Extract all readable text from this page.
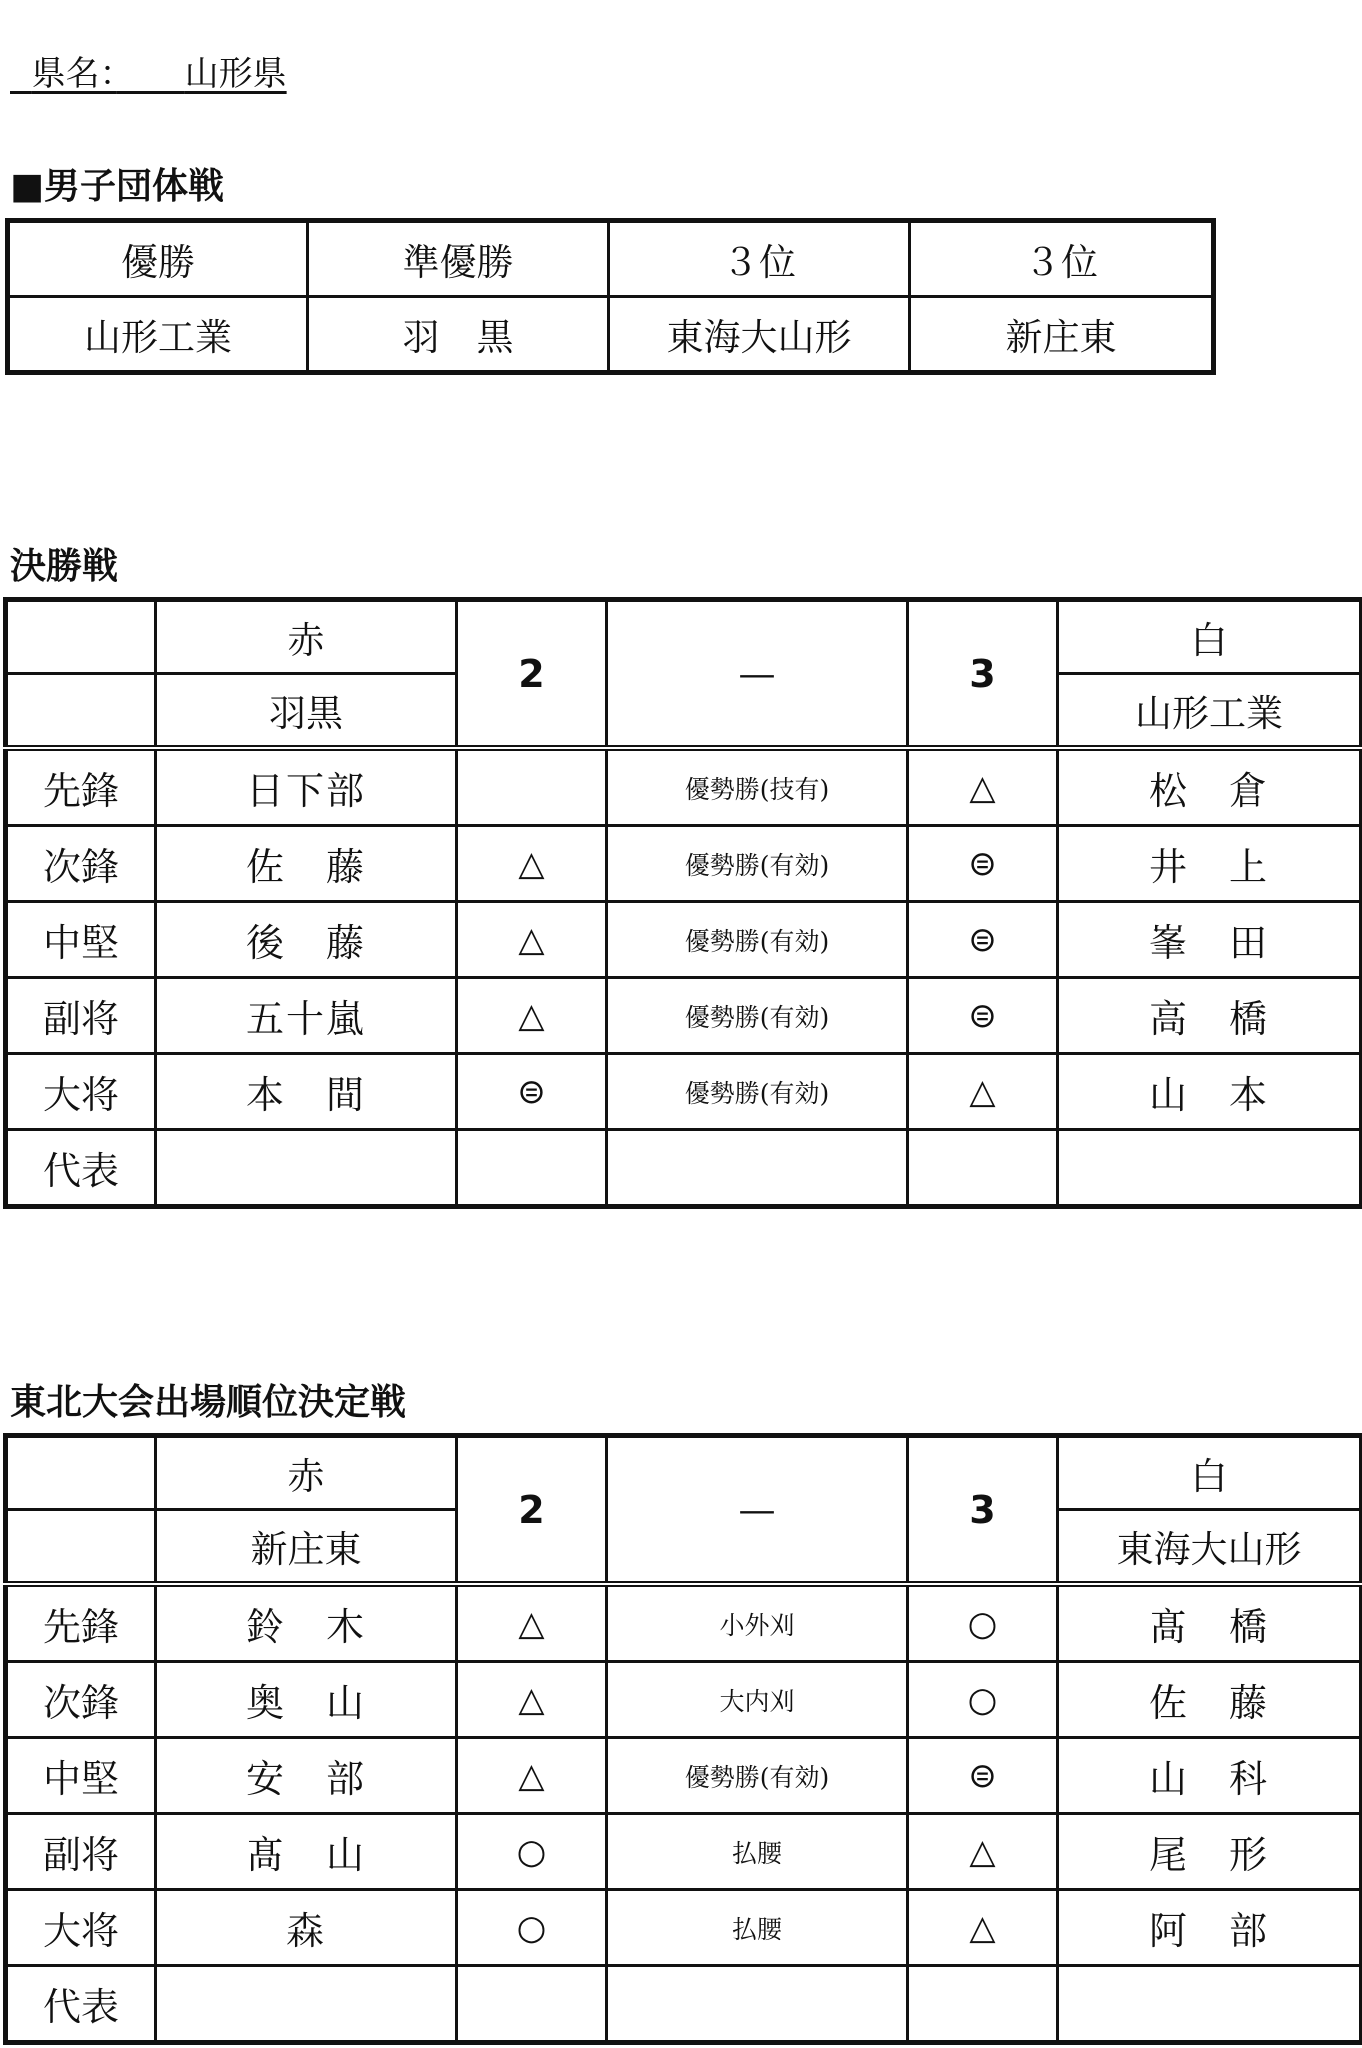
県名：　　 山形県

■男子団体戦
優勝	準優勝	３位	３位
山形工業	羽　黒	東海大山形	新庄東
決勝戦
	赤	2	—	3	白
	羽黒				山形工業
先鋒	日下部		優勢勝(技有)	△	松　倉
次鋒	佐　藤	△	優勢勝(有効)	⊜	井　上
中堅	後　藤	△	優勢勝(有効)	⊜	峯　田
副将	五十嵐	△	優勢勝(有効)	⊜	高　橋
大将	本　間	⊜	優勢勝(有効)	△	山　本
代表					
東北大会出場順位決定戦
	赤	2	—	3	白
	新庄東				東海大山形
先鋒	鈴　木	△	小外刈	○	髙　橋
次鋒	奥　山	△	大内刈	○	佐　藤
中堅	安　部	△	優勢勝(有効)	⊜	山　科
副将	髙　山	○	払腰	△	尾　形
大将	森	○	払腰	△	阿　部
代表					
